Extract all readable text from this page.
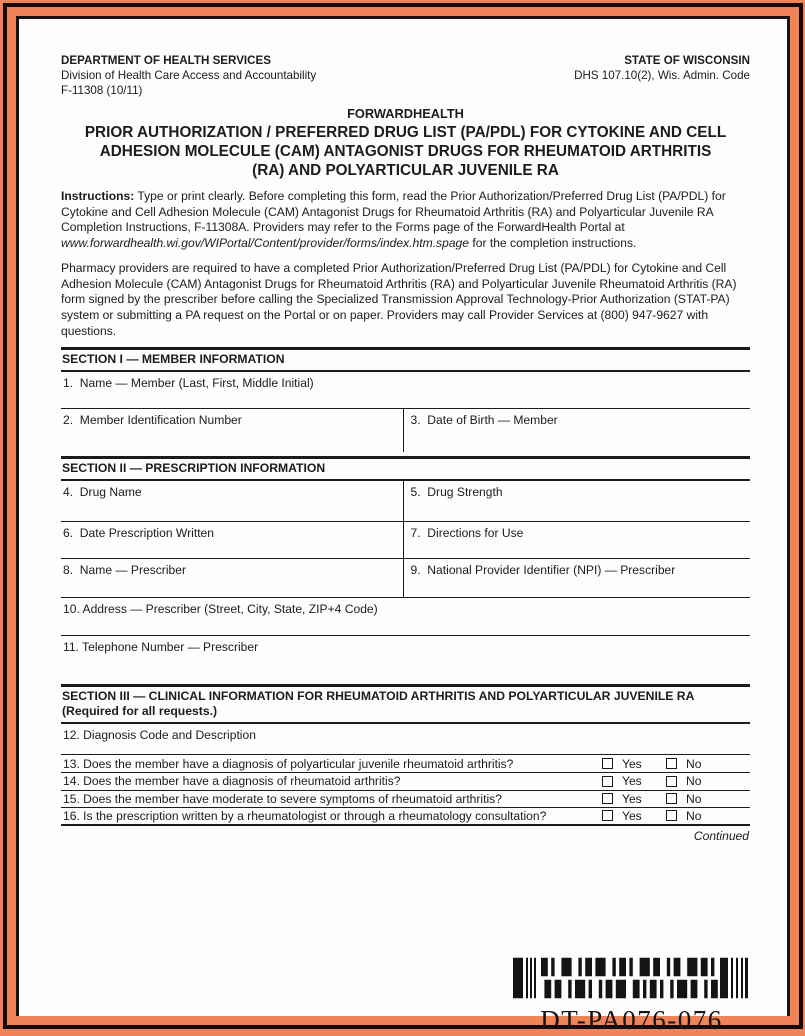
DEPARTMENT OF HEALTH SERVICES
Division of Health Care Access and Accountability
F-11308 (10/11)
STATE OF WISCONSIN
DHS 107.10(2), Wis. Admin. Code
FORWARDHEALTH
PRIOR AUTHORIZATION / PREFERRED DRUG LIST (PA/PDL) FOR CYTOKINE AND CELL ADHESION MOLECULE (CAM) ANTAGONIST DRUGS FOR RHEUMATOID ARTHRITIS (RA) AND POLYARTICULAR JUVENILE RA

Instructions: Type or print clearly. Before completing this form, read the Prior Authorization/Preferred Drug List (PA/PDL) for Cytokine and Cell Adhesion Molecule (CAM) Antagonist Drugs for Rheumatoid Arthritis (RA) and Polyarticular Juvenile RA Completion Instructions, F-11308A. Providers may refer to the Forms page of the ForwardHealth Portal at www.forwardhealth.wi.gov/WIPortal/Content/provider/forms/index.htm.spage for the completion instructions.

Pharmacy providers are required to have a completed Prior Authorization/Preferred Drug List (PA/PDL) for Cytokine and Cell Adhesion Molecule (CAM) Antagonist Drugs for Rheumatoid Arthritis (RA) and Polyarticular Juvenile Rheumatoid Arthritis (RA) form signed by the prescriber before calling the Specialized Transmission Approval Technology-Prior Authorization (STAT-PA) system or submitting a PA request on the Portal or on paper. Providers may call Provider Services at (800) 947-9627 with questions.

SECTION I — MEMBER INFORMATION
1.  Name — Member (Last, First, Middle Initial)
2.  Member Identification Number	3.  Date of Birth — Member
SECTION II — PRESCRIPTION INFORMATION
4.  Drug Name	5.  Drug Strength
6.  Date Prescription Written	7.  Directions for Use
8.  Name — Prescriber	9.  National Provider Identifier (NPI) — Prescriber
10. Address — Prescriber (Street, City, State, ZIP+4 Code)
11. Telephone Number — Prescriber
SECTION III — CLINICAL INFORMATION FOR RHEUMATOID ARTHRITIS AND POLYARTICULAR JUVENILE RA (Required for all requests.)
12. Diagnosis Code and Description
13. Does the member have a diagnosis of polyarticular juvenile rheumatoid arthritis?	Yes	No
14. Does the member have a diagnosis of rheumatoid arthritis?	Yes	No
15. Does the member have moderate to severe symptoms of rheumatoid arthritis?	Yes	No
16. Is the prescription written by a rheumatologist or through a rheumatology consultation?	Yes	No
Continued
DT-PA076-076
